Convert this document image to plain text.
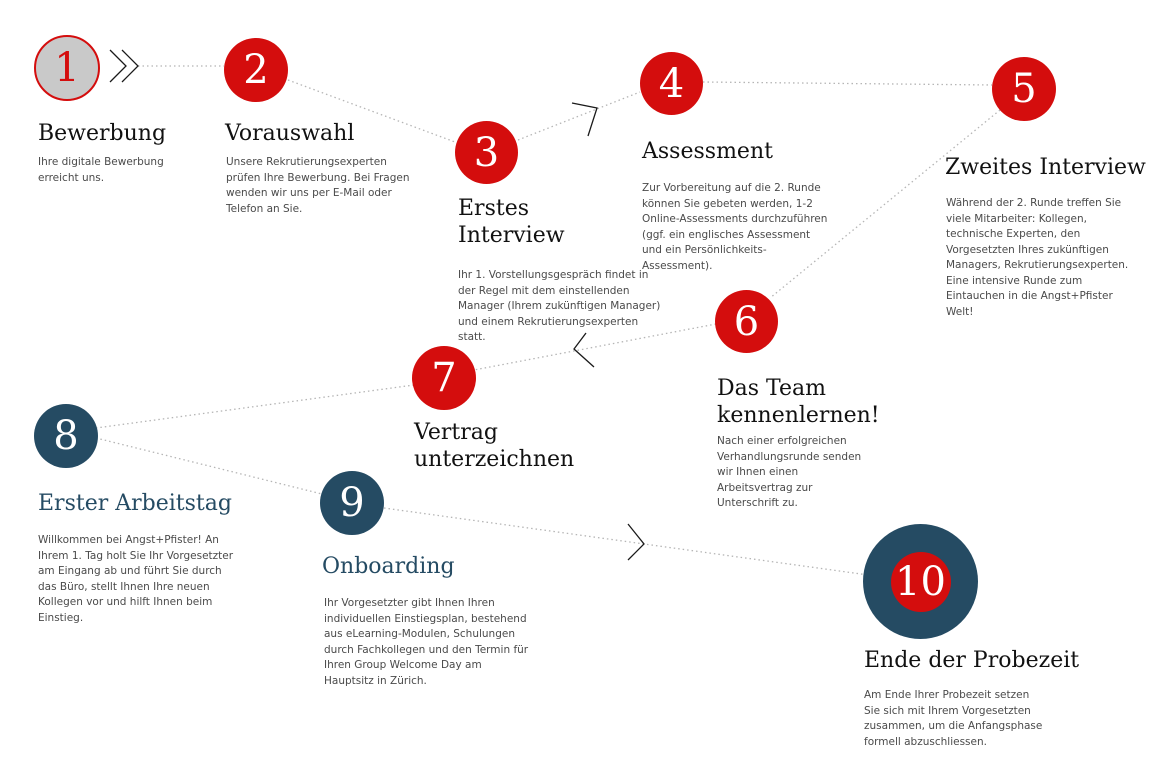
1
Bewerbung
Ihre digitale Bewerbung erreicht uns.
2
Vorauswahl
Unsere Rekrutierungsexperten prüfen Ihre Bewerbung. Bei Fragen wenden wir uns per E-Mail oder Telefon an Sie.
3
Erstes Interview
Ihr 1. Vorstellungsgespräch findet in der Regel mit dem einstellenden Manager (Ihrem zukünftigen Manager) und einem Rekrutierungsexperten statt.
4
Assessment
Zur Vorbereitung auf die 2. Runde können Sie gebeten werden, 1-2 Online-Assessments durchzuführen (ggf. ein englisches Assessment und ein Persönlichkeits-Assessment).
5
Zweites Interview
Während der 2. Runde treffen Sie viele Mitarbeiter: Kollegen, technische Experten, den Vorgesetzten Ihres zukünftigen Managers, Rekrutierungsexperten. Eine intensive Runde zum Eintauchen in die Angst+Pfister Welt!
6
Das Team kennenlernen!
Nach einer erfolgreichen Verhandlungsrunde senden wir Ihnen einen Arbeitsvertrag zur Unterschrift zu.
7
Vertrag unterzeichnen
8
Erster Arbeitstag
Willkommen bei Angst+Pfister! An Ihrem 1. Tag holt Sie Ihr Vorgesetzter am Eingang ab und führt Sie durch das Büro, stellt Ihnen Ihre neuen Kollegen vor und hilft Ihnen beim Einstieg.
9
Onboarding
Ihr Vorgesetzter gibt Ihnen Ihren individuellen Einstiegsplan, bestehend aus eLearning-Modulen, Schulungen durch Fachkollegen und den Termin für Ihren Group Welcome Day am Hauptsitz in Zürich.
10
Ende der Probezeit
Am Ende Ihrer Probezeit setzen Sie sich mit Ihrem Vorgesetzten zusammen, um die Anfangsphase formell abzuschliessen.
